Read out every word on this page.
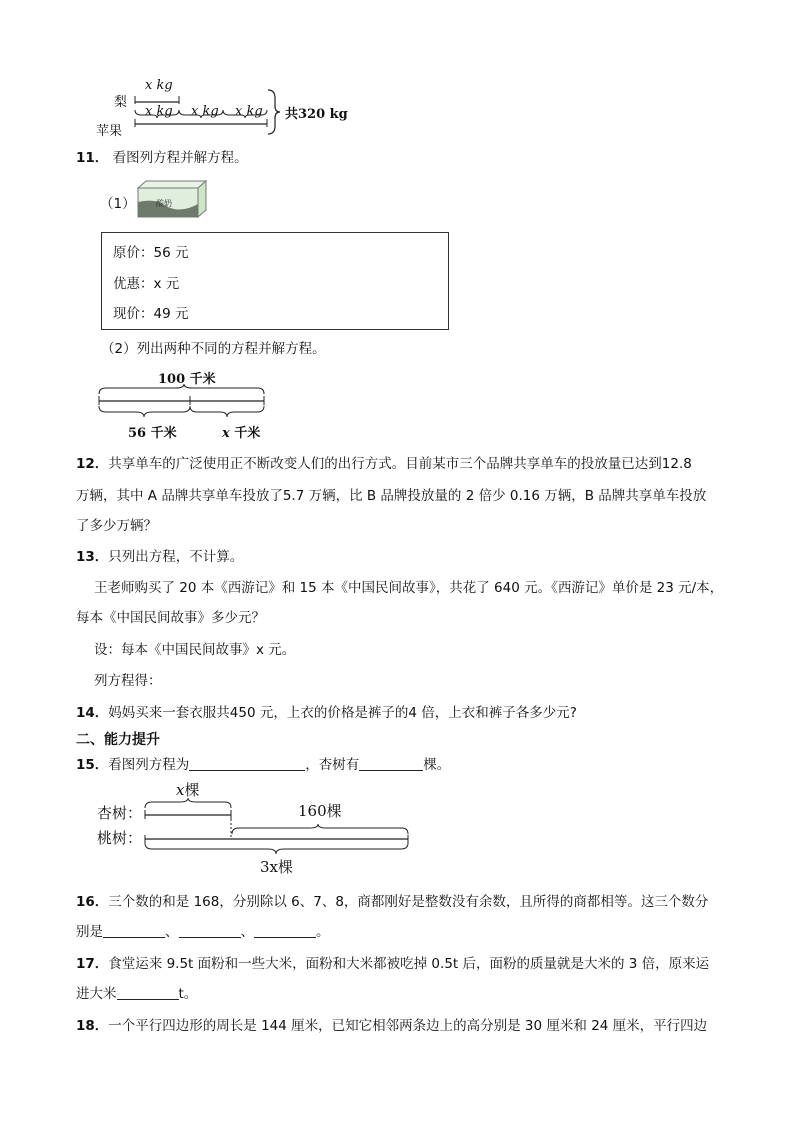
梨
苹果
x kg
x kg x kg x kg 共320 kg
11． 看图列方程并解方程。
（1）	酸奶
原价：56 元
优惠：x 元
现价：49 元
（2）列出两种不同的方程并解方程。
100 千米
56 千米	x 千米
12．共享单车的广泛使用正不断改变人们的出行方式。目前某市三个品牌共享单车的投放量已达到12.8
万辆，其中 A 品牌共享单车投放了5.7 万辆，比 B 品牌投放量的 2 倍少 0.16 万辆，B 品牌共享单车投放
了多少万辆？
13．只列出方程，不计算。
王老师购买了 20 本《西游记》和 15 本《中国民间故事》，共花了 640 元。《西游记》单价是 23 元/本，
每本《中国民间故事》多少元？
设：每本《中国民间故事》x 元。
列方程得：
14．妈妈买来一套衣服共450 元，上衣的价格是裤子的4 倍，上衣和裤子各多少元?
二、能力提升
15．看图列方程为	，杏树有	棵。
x棵
杏树：
桃树：
160棵
3x棵
16．三个数的和是 168，分别除以 6、7、8，商都刚好是整数没有余数，且所得的商都相等。这三个数分
别是	、	、	。
17．食堂运来 9.5t 面粉和一些大米，面粉和大米都被吃掉 0.5t 后，面粉的质量就是大米的 3 倍，原来运
进大米	t。
18．一个平行四边形的周长是 144 厘米，已知它相邻两条边上的高分别是 30 厘米和 24 厘米，平行四边
